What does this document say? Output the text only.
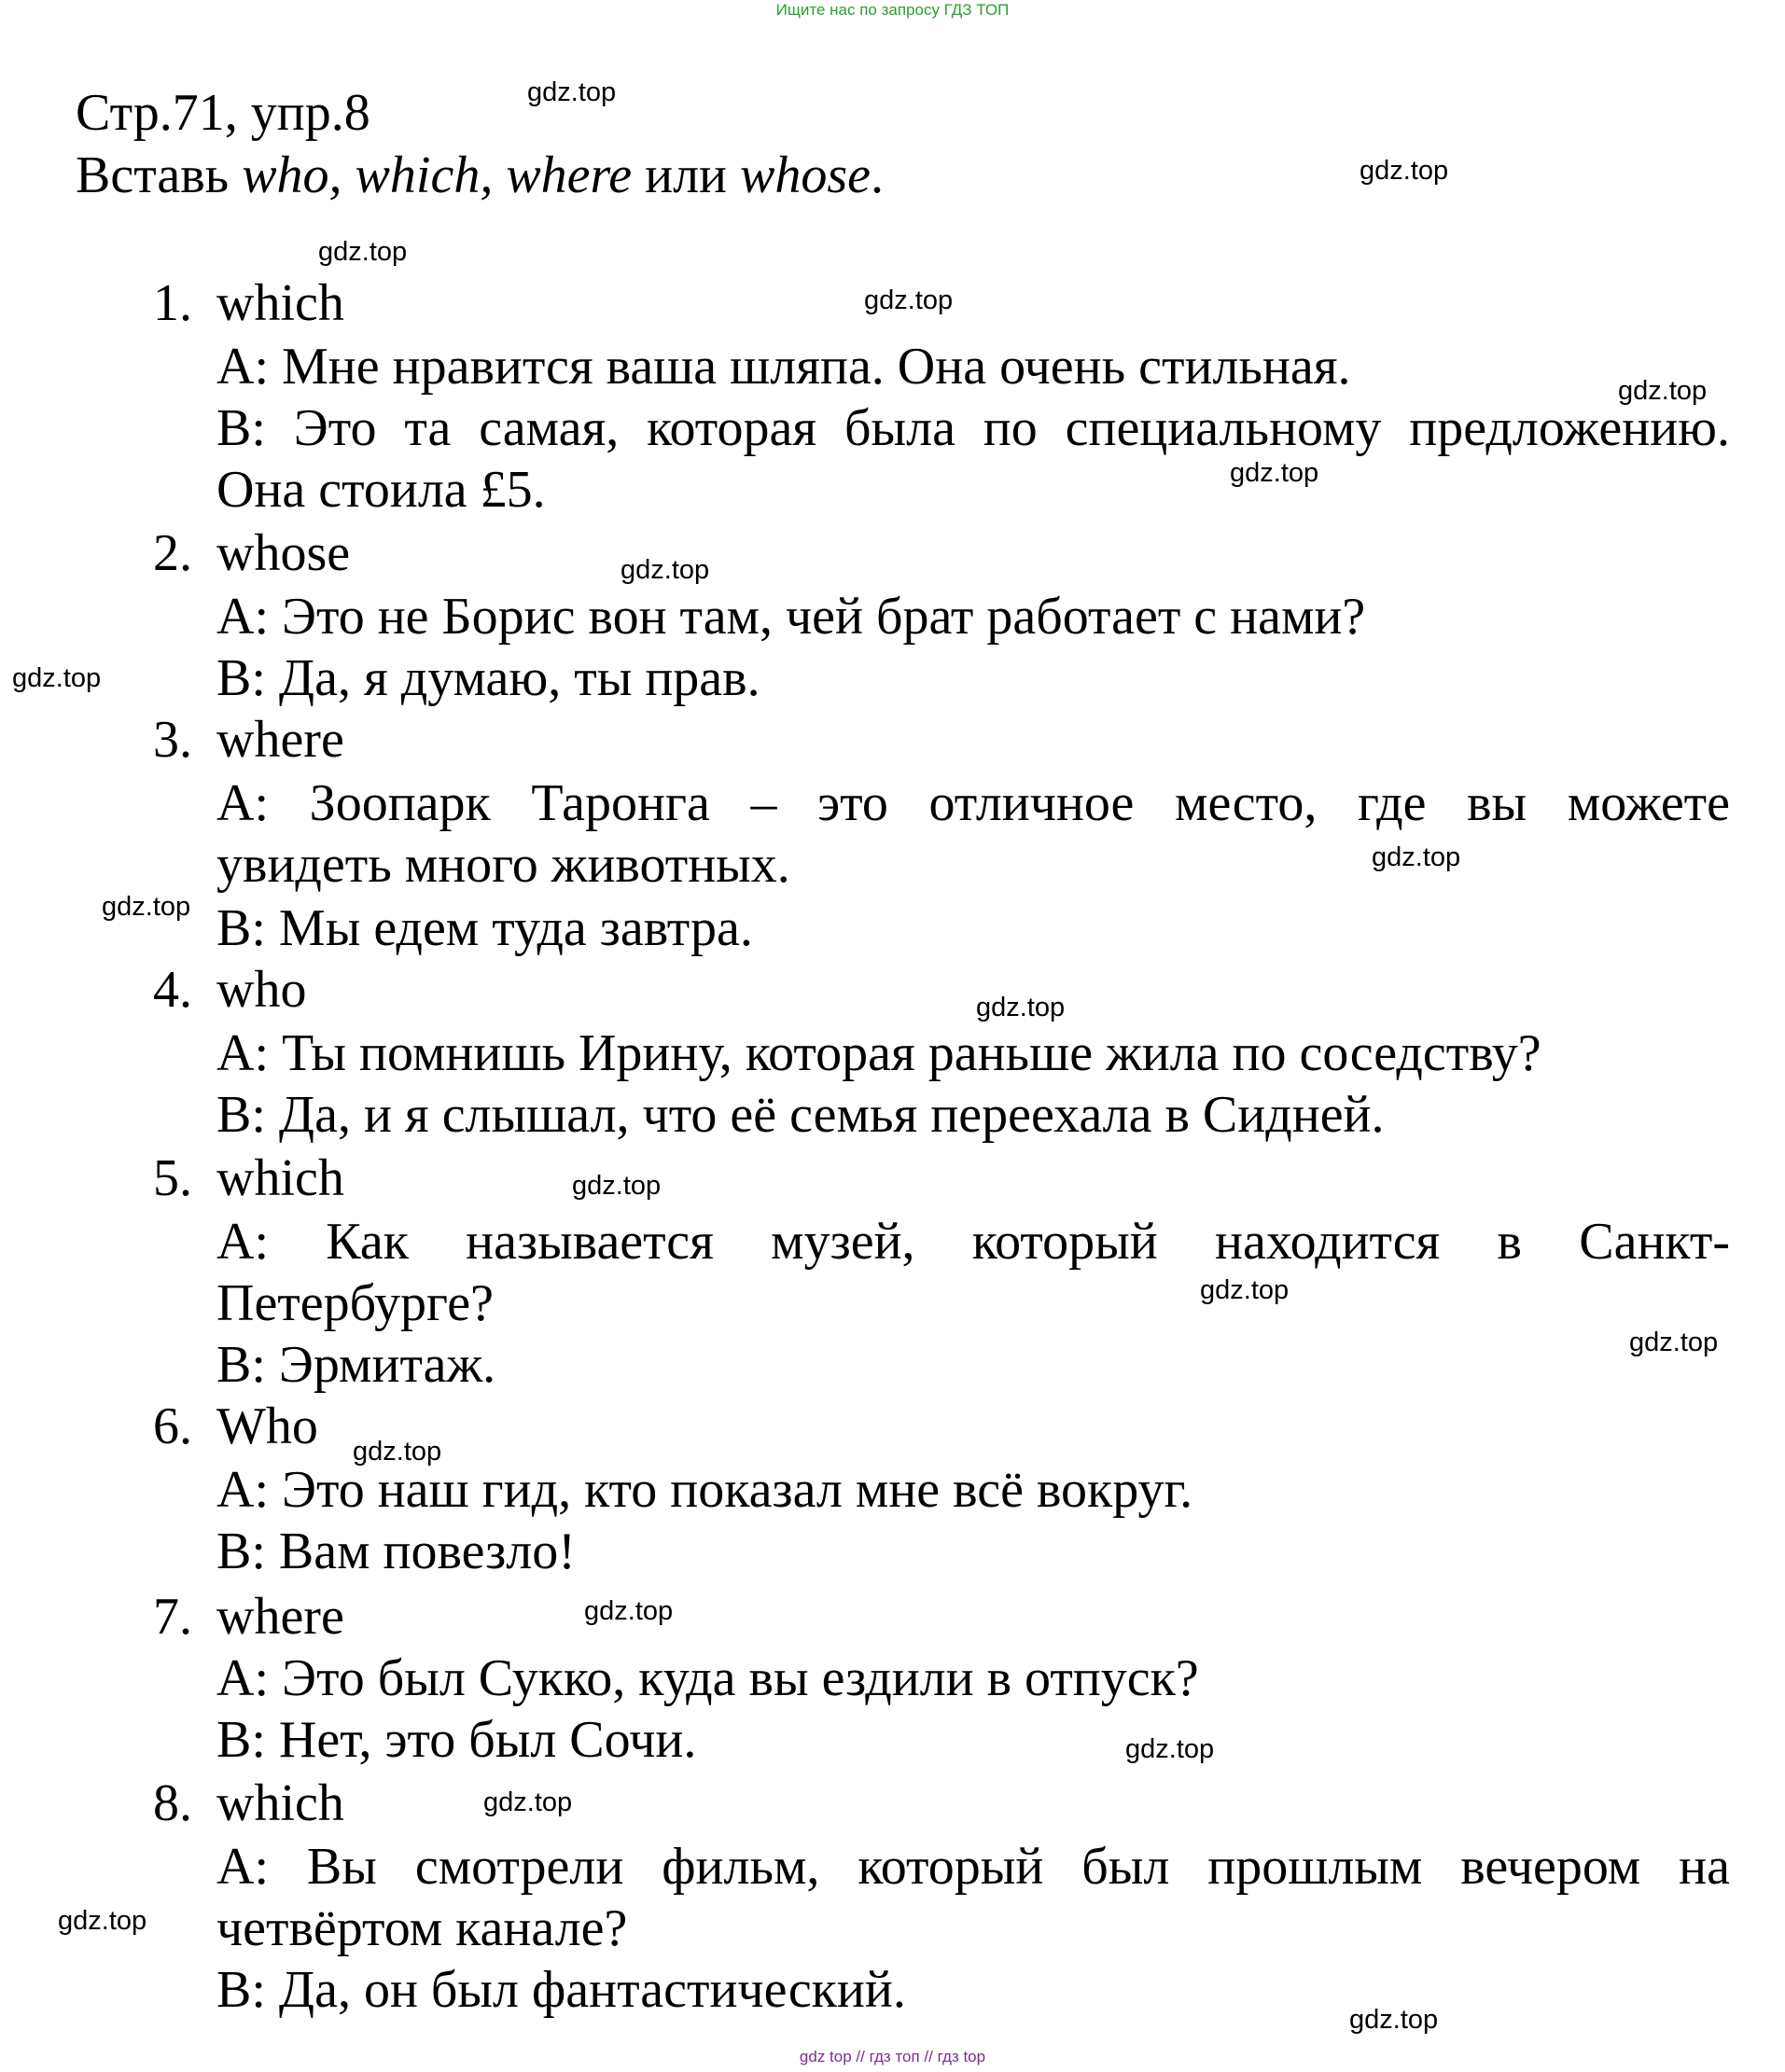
Ищите нас по запросу ГДЗ ТОП
Стр.71, упр.8
Вставь who, which, where или whose.
1. which
А: Мне нравится ваша шляпа. Она очень стильная.
В: Это та самая, которая была по специальному предложению.
Она стоила £5.
2. whose
А: Это не Борис вон там, чей брат работает с нами?
В: Да, я думаю, ты прав.
3. where
А: Зоопарк Таронга – это отличное место, где вы можете
увидеть много животных.
В: Мы едем туда завтра.
4. who
А: Ты помнишь Ирину, которая раньше жила по соседству?
В: Да, и я слышал, что её семья переехала в Сидней.
5. which
А: Как называется музей, который находится в Санкт-
Петербурге?
В: Эрмитаж.
6. Who
А: Это наш гид, кто показал мне всё вокруг.
В: Вам повезло!
7. where
А: Это был Сукко, куда вы ездили в отпуск?
В: Нет, это был Сочи.
8. which
А: Вы смотрели фильм, который был прошлым вечером на
четвёртом канале?
В: Да, он был фантастический.
gdz.top
gdz.top
gdz.top
gdz.top
gdz.top
gdz.top
gdz.top
gdz.top
gdz.top
gdz.top
gdz.top
gdz.top
gdz.top
gdz.top
gdz.top
gdz.top
gdz.top
gdz.top
gdz.top
gdz.top
gdz top // гдз топ // гдз top
